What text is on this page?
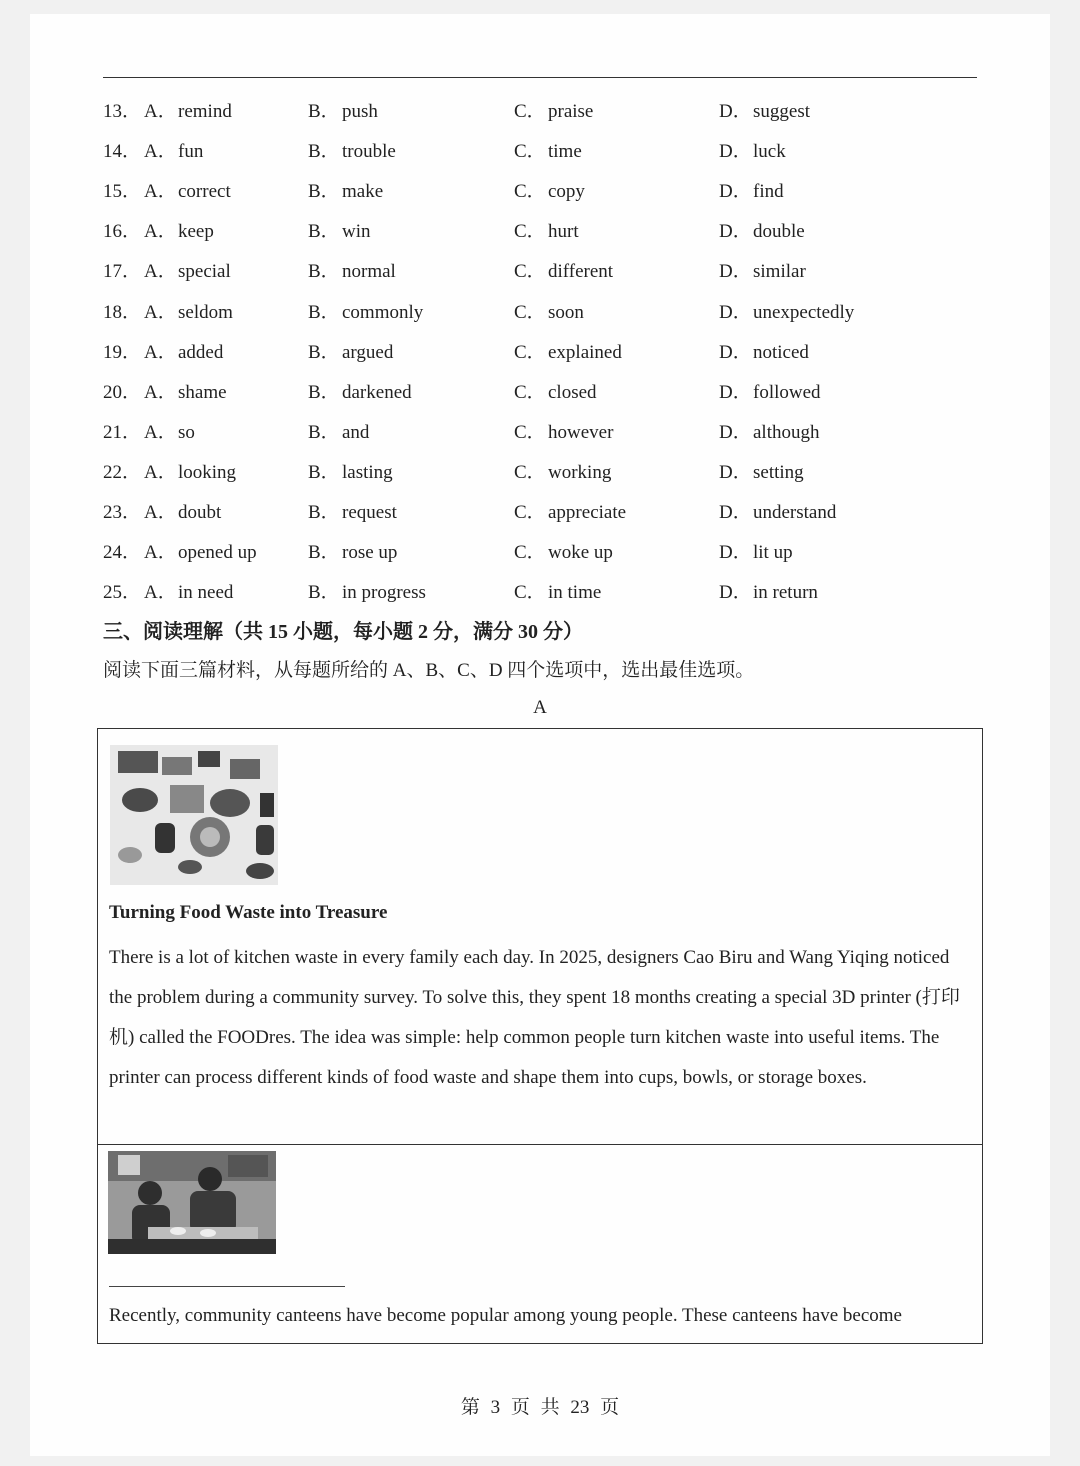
13． A．remind	B． push	C． praise	D．suggest
14． A．fun	B． trouble	C． time	D．luck
15． A．correct	B． make	C． copy	D．find
16． A．keep	B． win	C． hurt	D．double
17． A．special	B． normal	C． different	D．similar
18． A．seldom	B． commonly	C． soon	D．unexpectedly
19． A．added	B． argued	C． explained	D．noticed
20． A．shame	B． darkened	C． closed	D．followed
21． A．so	B． and	C． however	D．although
22． A．looking	B． lasting	C． working	D．setting
23． A．doubt	B． request	C． appreciate	D．understand
24． A．opened up	B． rose up	C． woke up	D．lit up
25． A．in need	B． in progress	C． in time	D．in return
三、阅读理解（共 15 小题，每小题 2 分，满分 30 分）
阅读下面三篇材料，从每题所给的 A、B、C、D 四个选项中，选出最佳选项。
A
Turning Food Waste into Treasure
There is a lot of kitchen waste in every family each day. In 2025, designers Cao Biru and Wang Yiqing noticed the problem during a community survey. To solve this, they spent 18 months creating a special 3D printer (打印机) called the FOODres. The idea was simple: help common people turn kitchen waste into useful items. The printer can process different kinds of food waste and shape them into cups, bowls, or storage boxes.
Recently, community canteens have become popular among young people. These canteens have become
第 3 页 共 23 页
